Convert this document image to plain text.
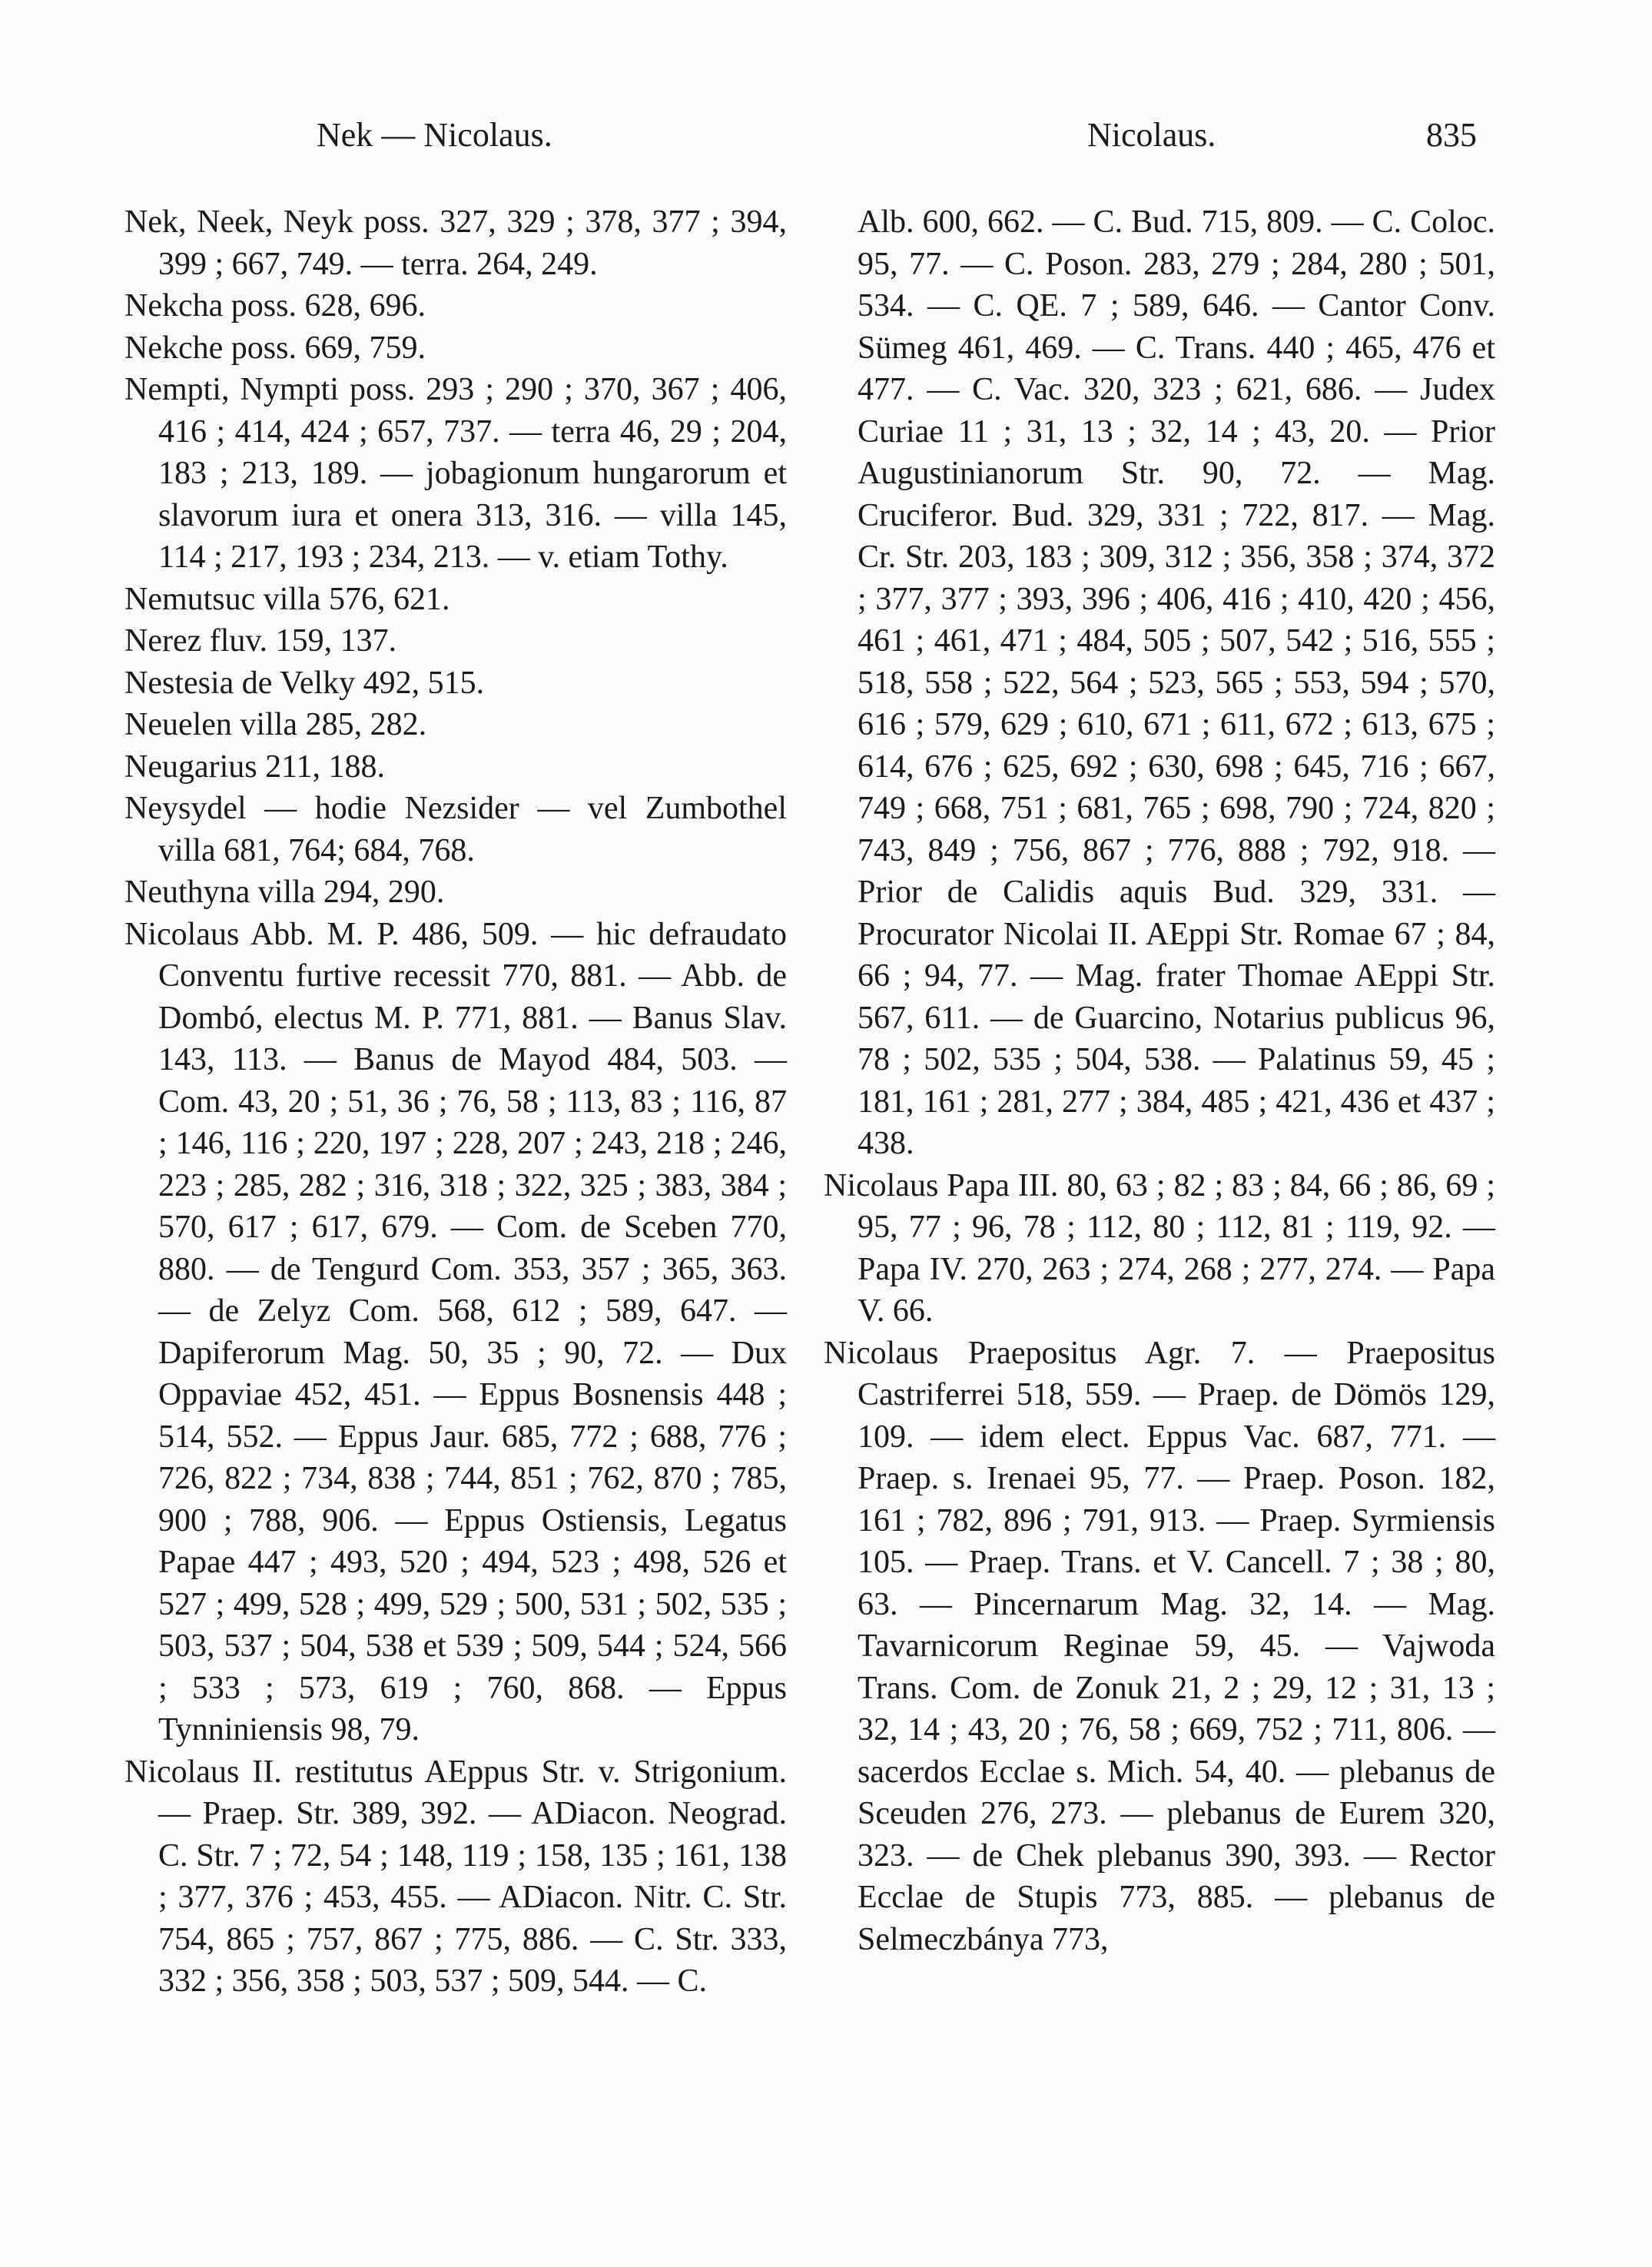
Nek — Nicolaus.	Nicolaus.	835
Nek, Neek, Neyk poss. 327, 329 ; 378, 377 ; 394, 399 ; 667, 749. — terra. 264, 249.
Nekcha poss. 628, 696.
Nekche poss. 669, 759.
Nempti, Nympti poss. 293 ; 290 ; 370, 367 ; 406, 416 ; 414, 424 ; 657, 737. — terra 46, 29 ; 204, 183 ; 213, 189. — jobagionum hungarorum et slavorum iura et onera 313, 316. — villa 145, 114 ; 217, 193 ; 234, 213. — v. etiam Tothy.
Nemutsuc villa 576, 621.
Nerez fluv. 159, 137.
Nestesia de Velky 492, 515.
Neuelen villa 285, 282.
Neugarius 211, 188.
Neysydel — hodie Nezsider — vel Zumbothel villa 681, 764; 684, 768.
Neuthyna villa 294, 290.
Nicolaus Abb. M. P. 486, 509. — hic defraudato Conventu furtive recessit 770, 881. — Abb. de Dombó, electus M. P. 771, 881. — Banus Slav. 143, 113. — Banus de Mayod 484, 503. — Com. 43, 20 ; 51, 36 ; 76, 58 ; 113, 83 ; 116, 87 ; 146, 116 ; 220, 197 ; 228, 207 ; 243, 218 ; 246, 223 ; 285, 282 ; 316, 318 ; 322, 325 ; 383, 384 ; 570, 617 ; 617, 679. — Com. de Sceben 770, 880. — de Tengurd Com. 353, 357 ; 365, 363. — de Zelyz Com. 568, 612 ; 589, 647. — Dapiferorum Mag. 50, 35 ; 90, 72. — Dux Oppaviae 452, 451. — Eppus Bosnensis 448 ; 514, 552. — Eppus Jaur. 685, 772 ; 688, 776 ; 726, 822 ; 734, 838 ; 744, 851 ; 762, 870 ; 785, 900 ; 788, 906. — Eppus Ostiensis, Legatus Papae 447 ; 493, 520 ; 494, 523 ; 498, 526 et 527 ; 499, 528 ; 499, 529 ; 500, 531 ; 502, 535 ; 503, 537 ; 504, 538 et 539 ; 509, 544 ; 524, 566 ; 533 ; 573, 619 ; 760, 868. — Eppus Tynniniensis 98, 79.
Nicolaus II. restitutus AEppus Str. v. Strigonium. — Praep. Str. 389, 392. — ADiacon. Neograd. C. Str. 7 ; 72, 54 ; 148, 119 ; 158, 135 ; 161, 138 ; 377, 376 ; 453, 455. — ADiacon. Nitr. C. Str. 754, 865 ; 757, 867 ; 775, 886. — C. Str. 333, 332 ; 356, 358 ; 503, 537 ; 509, 544. — C.
Alb. 600, 662. — C. Bud. 715, 809. — C. Coloc. 95, 77. — C. Poson. 283, 279 ; 284, 280 ; 501, 534. — C. QE. 7 ; 589, 646. — Cantor Conv. Sümeg 461, 469. — C. Trans. 440 ; 465, 476 et 477. — C. Vac. 320, 323 ; 621, 686. — Judex Curiae 11 ; 31, 13 ; 32, 14 ; 43, 20. — Prior Augustinianorum Str. 90, 72. — Mag. Cruciferor. Bud. 329, 331 ; 722, 817. — Mag. Cr. Str. 203, 183 ; 309, 312 ; 356, 358 ; 374, 372 ; 377, 377 ; 393, 396 ; 406, 416 ; 410, 420 ; 456, 461 ; 461, 471 ; 484, 505 ; 507, 542 ; 516, 555 ; 518, 558 ; 522, 564 ; 523, 565 ; 553, 594 ; 570, 616 ; 579, 629 ; 610, 671 ; 611, 672 ; 613, 675 ; 614, 676 ; 625, 692 ; 630, 698 ; 645, 716 ; 667, 749 ; 668, 751 ; 681, 765 ; 698, 790 ; 724, 820 ; 743, 849 ; 756, 867 ; 776, 888 ; 792, 918. — Prior de Calidis aquis Bud. 329, 331. — Procurator Nicolai II. AEppi Str. Romae 67 ; 84, 66 ; 94, 77. — Mag. frater Thomae AEppi Str. 567, 611. — de Guarcino, Notarius publicus 96, 78 ; 502, 535 ; 504, 538. — Palatinus 59, 45 ; 181, 161 ; 281, 277 ; 384, 485 ; 421, 436 et 437 ; 438.
Nicolaus Papa III. 80, 63 ; 82 ; 83 ; 84, 66 ; 86, 69 ; 95, 77 ; 96, 78 ; 112, 80 ; 112, 81 ; 119, 92. — Papa IV. 270, 263 ; 274, 268 ; 277, 274. — Papa V. 66.
Nicolaus Praepositus Agr. 7. — Praepositus Castriferrei 518, 559. — Praep. de Dömös 129, 109. — idem elect. Eppus Vac. 687, 771. — Praep. s. Irenaei 95, 77. — Praep. Poson. 182, 161 ; 782, 896 ; 791, 913. — Praep. Syrmiensis 105. — Praep. Trans. et V. Cancell. 7 ; 38 ; 80, 63. — Pincernarum Mag. 32, 14. — Mag. Tavarnicorum Reginae 59, 45. — Vajwoda Trans. Com. de Zonuk 21, 2 ; 29, 12 ; 31, 13 ; 32, 14 ; 43, 20 ; 76, 58 ; 669, 752 ; 711, 806. — sacerdos Ecclae s. Mich. 54, 40. — plebanus de Sceuden 276, 273. — plebanus de Eurem 320, 323. — de Chek plebanus 390, 393. — Rector Ecclae de Stupis 773, 885. — plebanus de Selmeczbánya 773,
